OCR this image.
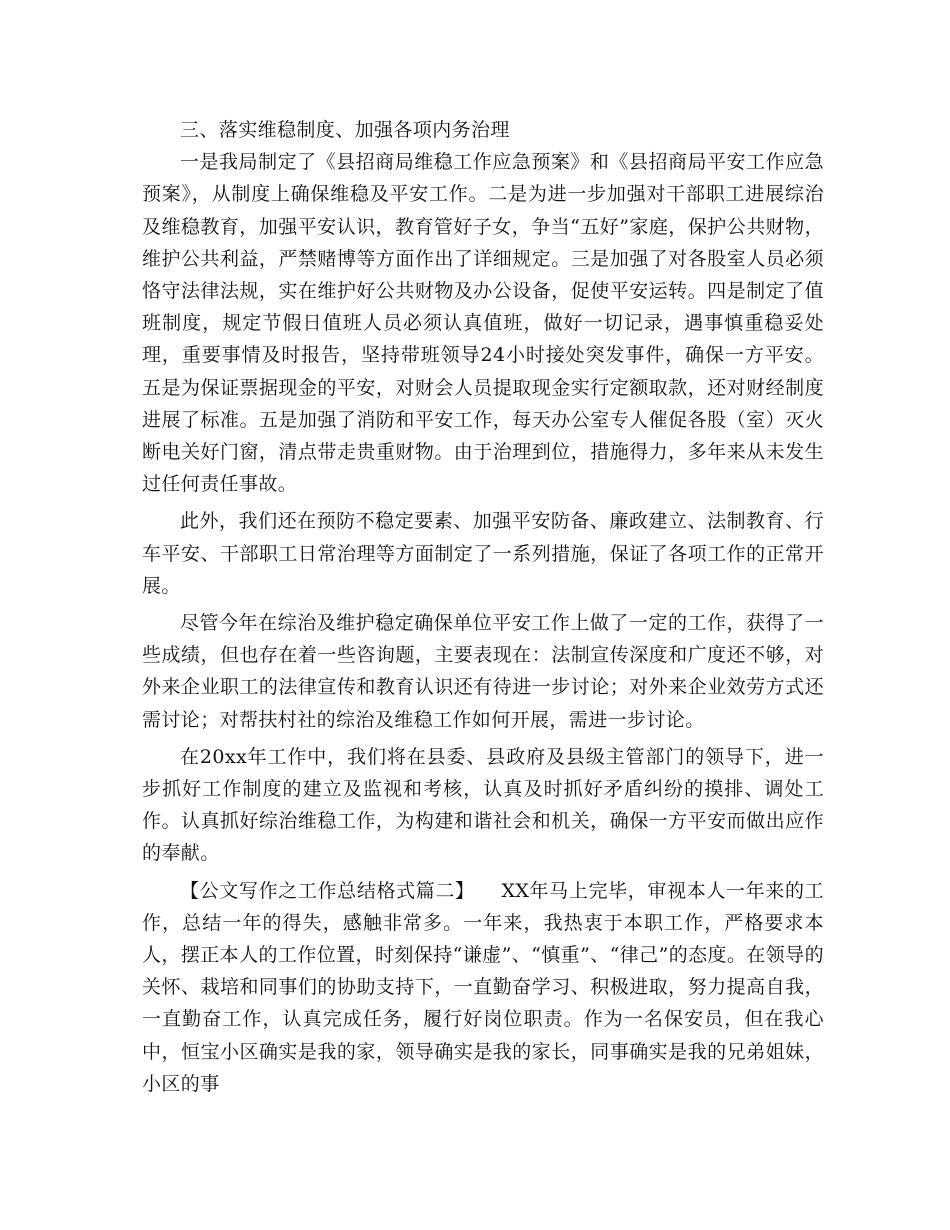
三、落实维稳制度、加强各项内务治理

一是我局制定了《县招商局维稳工作应急预案》和《县招商局平安工作应急预案》，从制度上确保维稳及平安工作。二是为进一步加强对干部职工进展综治及维稳教育，加强平安认识，教育管好子女，争当“五好”家庭，保护公共财物，维护公共利益，严禁赌博等方面作出了详细规定。三是加强了对各股室人员必须恪守法律法规，实在维护好公共财物及办公设备，促使平安运转。四是制定了值班制度，规定节假日值班人员必须认真值班，做好一切记录，遇事慎重稳妥处理，重要事情及时报告，坚持带班领导24小时接处突发事件，确保一方平安。五是为保证票据现金的平安，对财会人员提取现金实行定额取款，还对财经制度进展了标准。五是加强了消防和平安工作，每天办公室专人催促各股（室）灭火断电关好门窗，清点带走贵重财物。由于治理到位，措施得力，多年来从未发生过任何责任事故。

此外，我们还在预防不稳定要素、加强平安防备、廉政建立、法制教育、行车平安、干部职工日常治理等方面制定了一系列措施，保证了各项工作的正常开展。

尽管今年在综治及维护稳定确保单位平安工作上做了一定的工作，获得了一些成绩，但也存在着一些咨询题，主要表现在：法制宣传深度和广度还不够，对外来企业职工的法律宣传和教育认识还有待进一步讨论；对外来企业效劳方式还需讨论；对帮扶村社的综治及维稳工作如何开展，需进一步讨论。

在20xx年工作中，我们将在县委、县政府及县级主管部门的领导下，进一步抓好工作制度的建立及监视和考核，认真及时抓好矛盾纠纷的摸排、调处工作。认真抓好综治维稳工作，为构建和谐社会和机关，确保一方平安而做出应作的奉献。

【公文写作之工作总结格式篇二】    XX年马上完毕，审视本人一年来的工作，总结一年的得失，感触非常多。一年来，我热衷于本职工作，严格要求本人，摆正本人的工作位置，时刻保持“谦虚”、“慎重”、“律己”的态度。在领导的关怀、栽培和同事们的协助支持下，一直勤奋学习、积极进取，努力提高自我，一直勤奋工作，认真完成任务，履行好岗位职责。作为一名保安员，但在我心中，恒宝小区确实是我的家，领导确实是我的家长，同事确实是我的兄弟姐妹，小区的事
